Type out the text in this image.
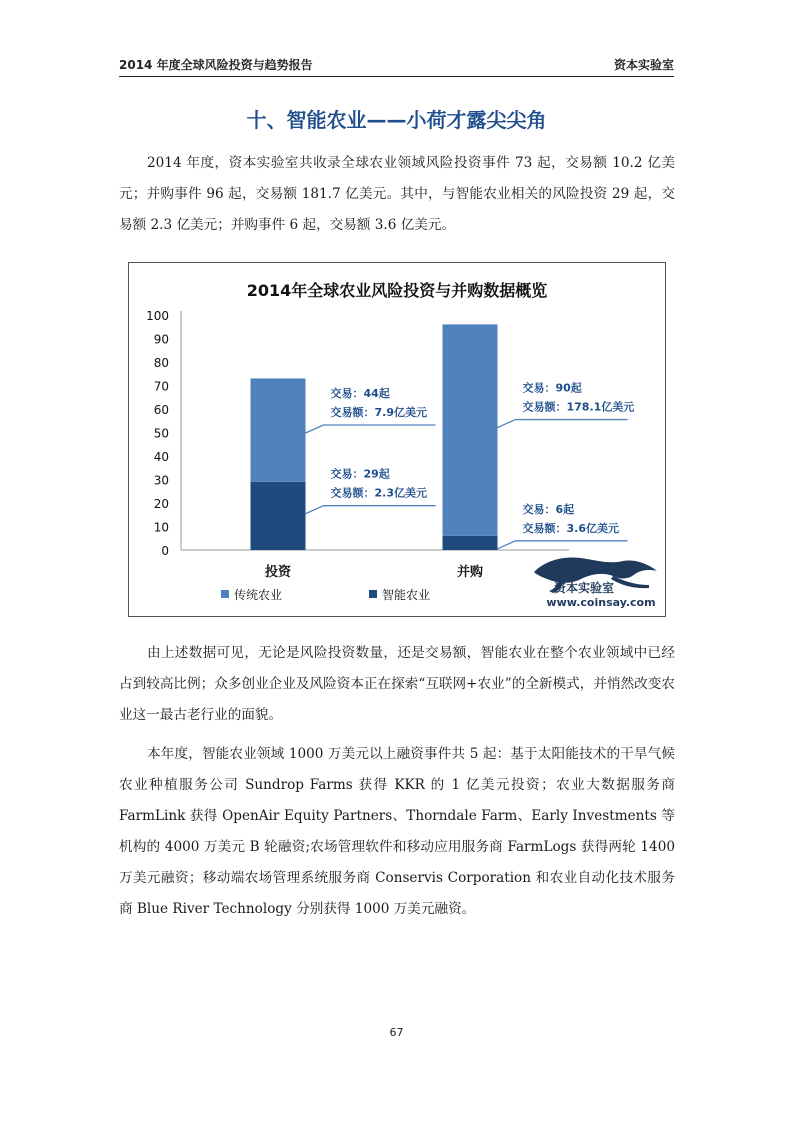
2014 年度全球风险投资与趋势报告	资本实验室
十、智能农业——小荷才露尖尖角
2014 年度，资本实验室共收录全球农业领域风险投资事件 73 起，交易额 10.2 亿美元；并购事件 96 起，交易额 181.7 亿美元。其中，与智能农业相关的风险投资 29 起，交易额 2.3 亿美元；并购事件 6 起，交易额 3.6 亿美元。
2014年全球农业风险投资与并购数据概览
0
10
20
30
40
50
60
70
80
90
100
投资	并购
交易：44起
交易额：7.9亿美元
交易：29起
交易额：2.3亿美元
交易：90起
交易额：178.1亿美元
交易：6起
交易额：3.6亿美元
传统农业	智能农业	资本实验室
www.coinsay.com
由上述数据可见，无论是风险投资数量，还是交易额，智能农业在整个农业领域中已经占到较高比例；众多创业企业及风险资本正在探索“互联网+农业”的全新模式，并悄然改变农业这一最古老行业的面貌。
本年度，智能农业领域 1000 万美元以上融资事件共 5 起：基于太阳能技术的干旱气候农业种植服务公司 Sundrop Farms 获得 KKR 的 1 亿美元投资；农业大数据服务商 FarmLink 获得 OpenAir Equity Partners、Thorndale Farm、Early Investments 等机构的 4000 万美元 B 轮融资;农场管理软件和移动应用服务商 FarmLogs 获得两轮 1400 万美元融资；移动端农场管理系统服务商 Conservis Corporation 和农业自动化技术服务商 Blue River Technology 分别获得 1000 万美元融资。
67
